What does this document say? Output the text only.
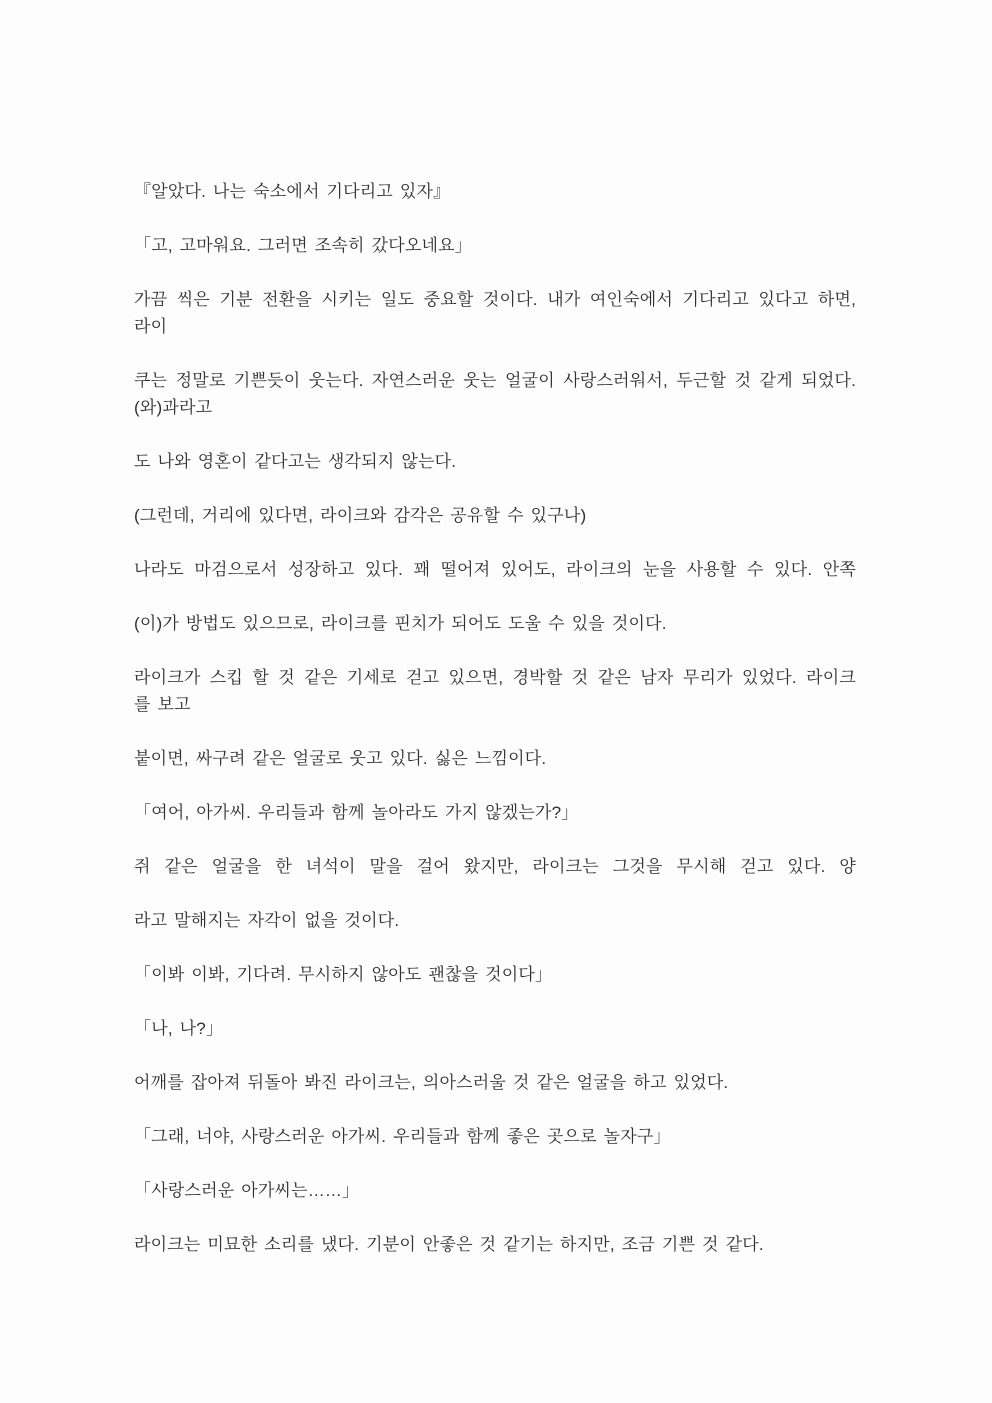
『알았다. 나는 숙소에서 기다리고 있자』

「고, 고마워요. 그러면 조속히 갔다오네요」

가끔 씩은 기분 전환을 시키는 일도 중요할 것이다. 내가 여인숙에서 기다리고 있다고 하면,
라이

쿠는 정말로 기쁜듯이 웃는다. 자연스러운 웃는 얼굴이 사랑스러워서, 두근할 것 같게 되었다.
(와)과라고

도 나와 영혼이 같다고는 생각되지 않는다.

(그런데, 거리에 있다면, 라이크와 감각은 공유할 수 있구나)

나라도 마검으로서 성장하고 있다. 꽤 떨어져 있어도, 라이크의 눈을 사용할 수 있다. 안쪽

(이)가 방법도 있으므로, 라이크를 핀치가 되어도 도울 수 있을 것이다.

라이크가 스킵 할 것 같은 기세로 걷고 있으면, 경박할 것 같은 남자 무리가 있었다. 라이크
를 보고

붙이면, 싸구려 같은 얼굴로 웃고 있다. 싫은 느낌이다.

「여어, 아가씨. 우리들과 함께 놀아라도 가지 않겠는가?」

쥐 같은 얼굴을 한 녀석이 말을 걸어 왔지만, 라이크는 그것을 무시해 걷고 있다. 양

라고 말해지는 자각이 없을 것이다.

「이봐 이봐, 기다려. 무시하지 않아도 괜찮을 것이다」

「나, 나?」

어깨를 잡아져 뒤돌아 봐진 라이크는, 의아스러울 것 같은 얼굴을 하고 있었다.

「그래, 너야, 사랑스러운 아가씨. 우리들과 함께 좋은 곳으로 놀자구」

「사랑스러운 아가씨는……」

라이크는 미묘한 소리를 냈다. 기분이 안좋은 것 같기는 하지만, 조금 기쁜 것 같다.
